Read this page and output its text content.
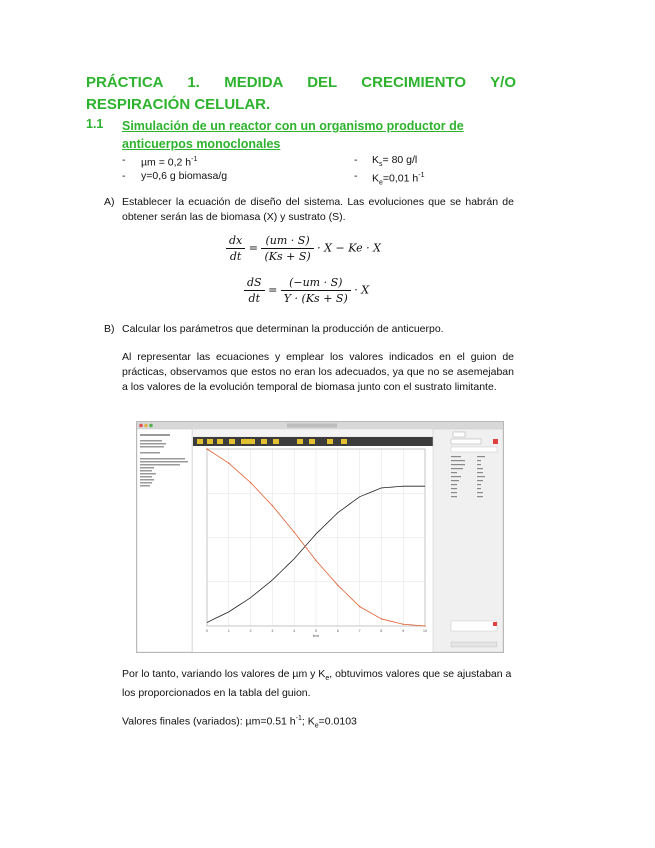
PRÁCTICA 1. MEDIDA DEL CRECIMIENTO Y/O RESPIRACIÓN CELULAR.
1.1 Simulación de un reactor con un organismo productor de anticuerpos monoclonales
- µm = 0,2 $h^{-1}$	- $K_s= 80$ g/l
- y=0,6 g biomasa/g	- $K_e=0,01$ $h^{-1}$
A) Establecer la ecuación de diseño del sistema. Las evoluciones que se habrán de obtener serán las de biomasa (X) y sustrato (S).
$\frac{dx}{dt} = \frac{(um \cdot S)}{(Ks + S)} \cdot X - Ke \cdot X$
$\frac{dS}{dt} = \frac{(-um \cdot S)}{Y \cdot (Ks + S)} \cdot X$
B) Calcular los parámetros que determinan la producción de anticuerpo.
Al representar las ecuaciones y emplear los valores indicados en el guion de prácticas, observamos que estos no eran los adecuados, ya que no se asemejaban a los valores de la evolución temporal de biomasa junto con el sustrato limitante.
0	1	2	3	4	5	6	7	8	9	10
time
Por lo tanto, variando los valores de µm y $K_e$, obtuvimos valores que se ajustaban a los proporcionados en la tabla del guion.
Valores finales (variados): µm=0.51 $h^{-1}$; $K_e=0.0103$
